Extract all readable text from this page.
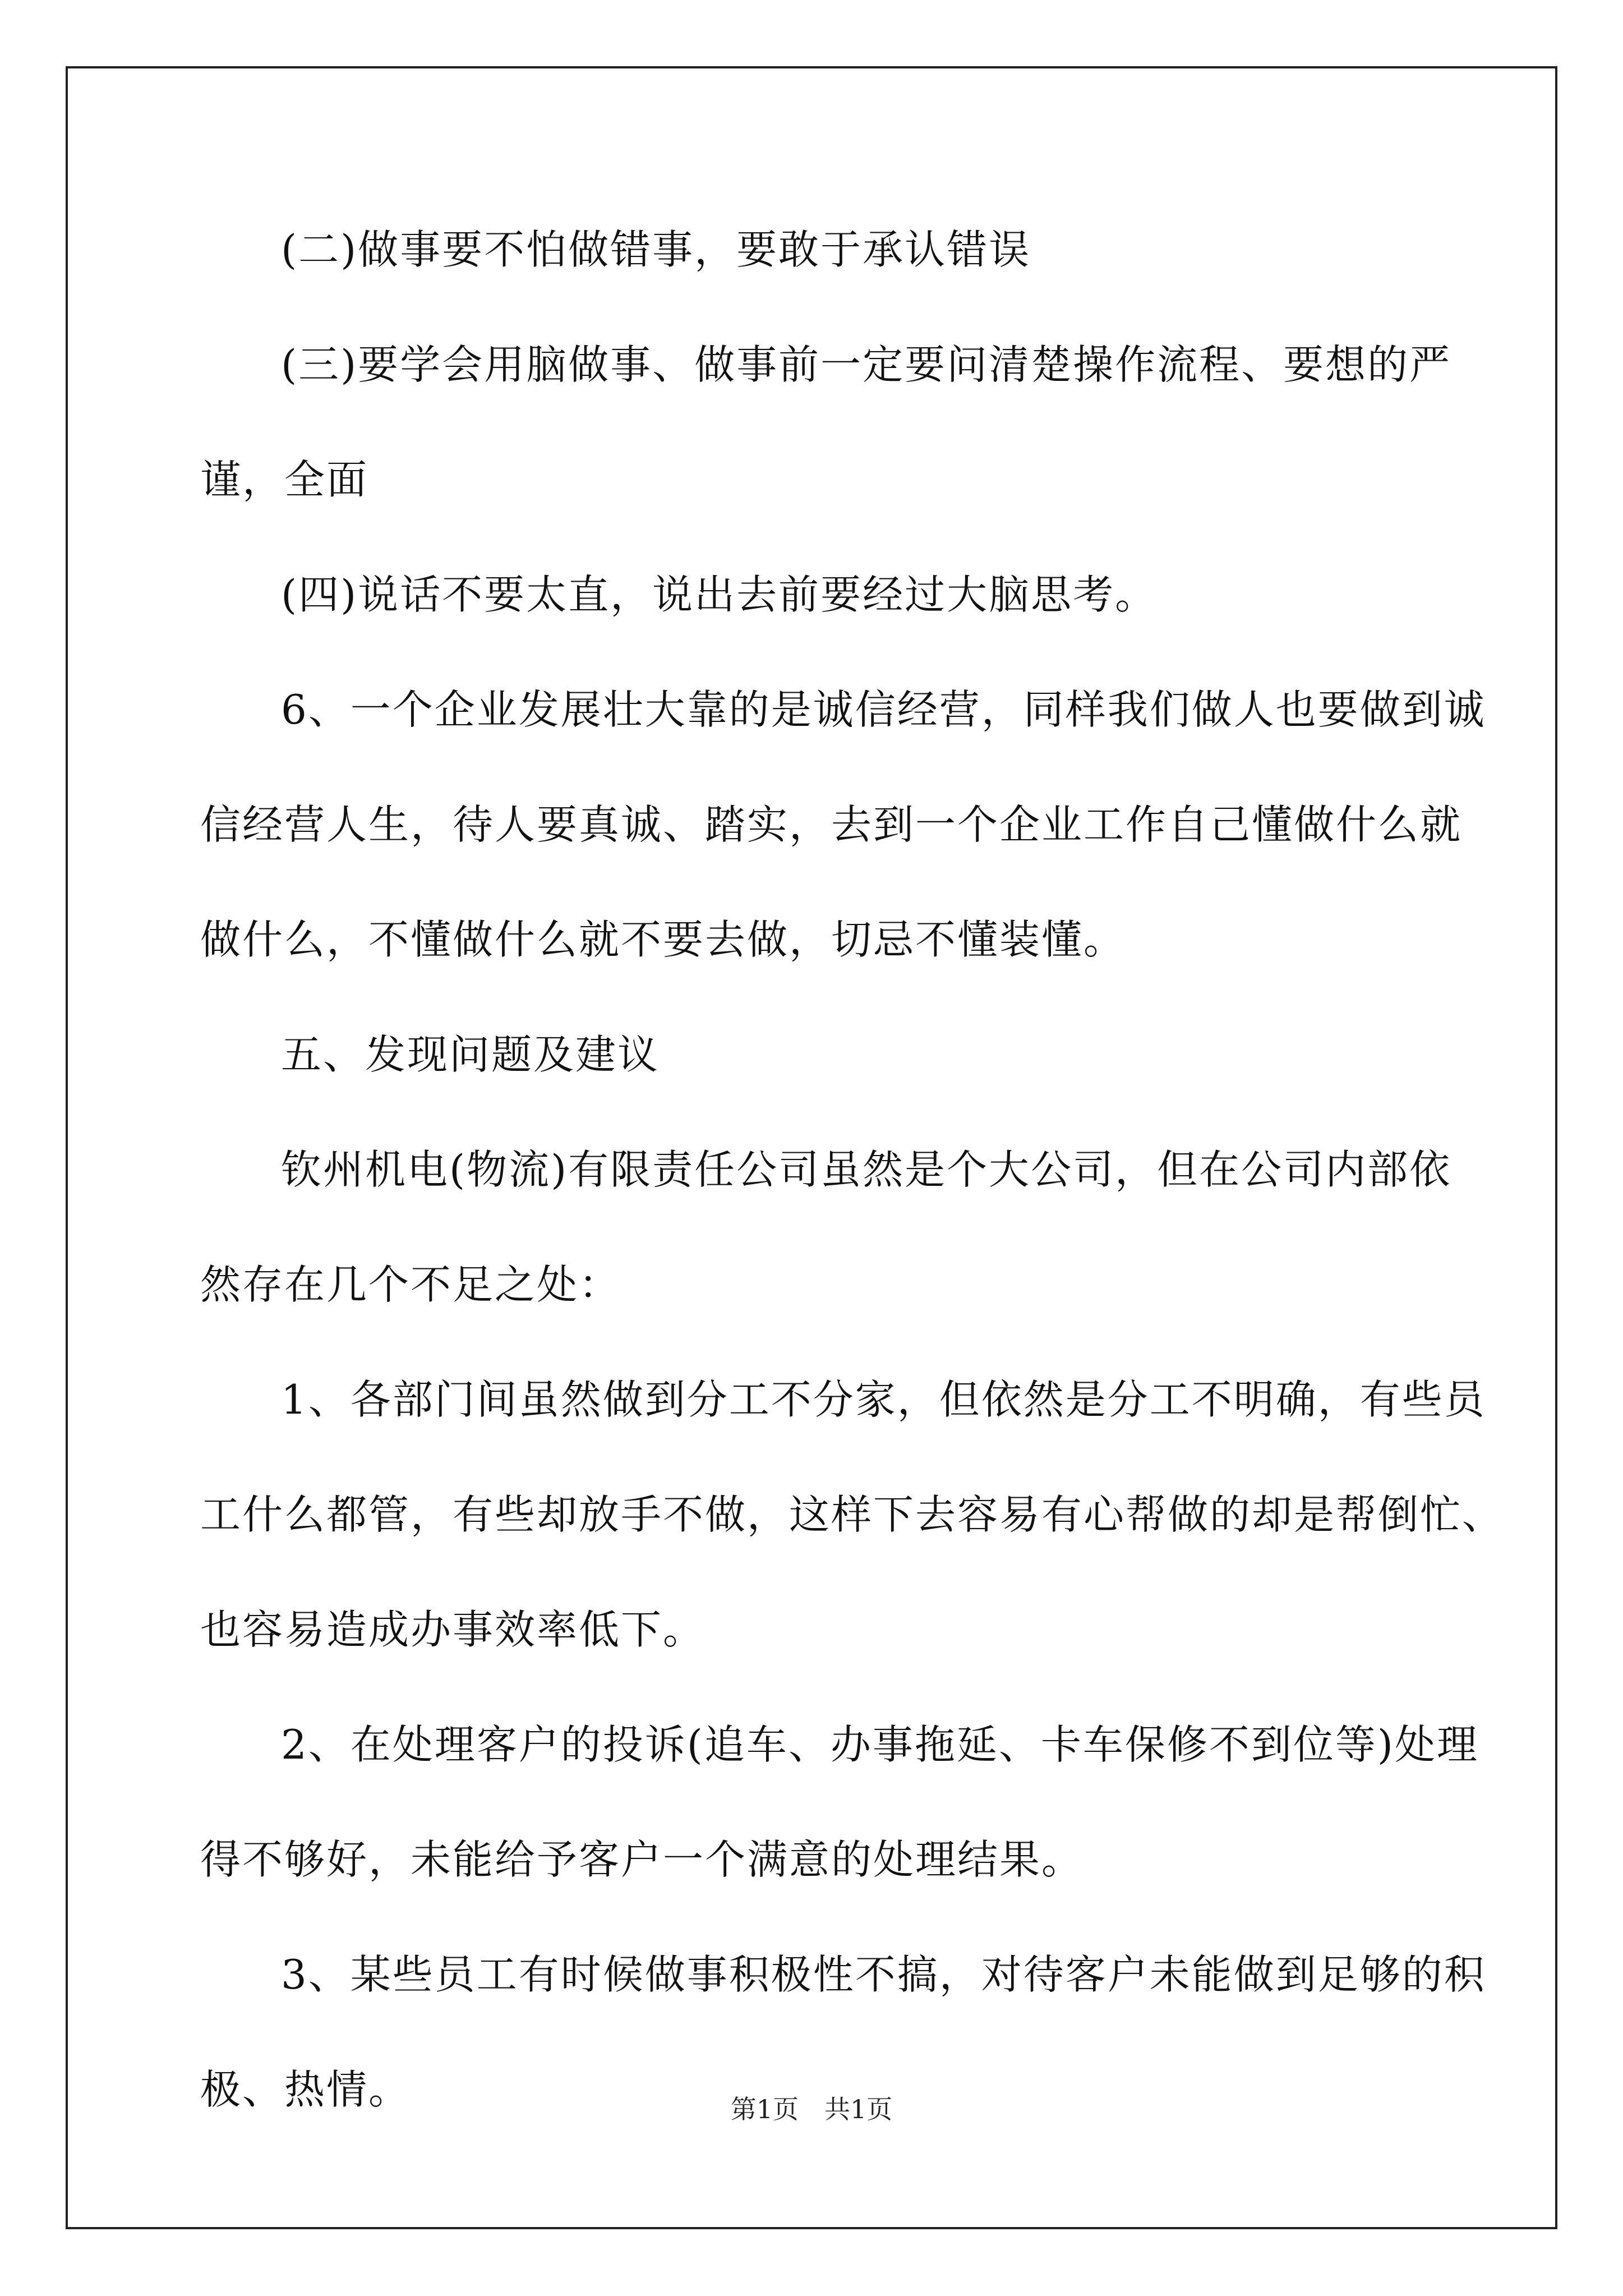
(二)做事要不怕做错事，要敢于承认错误
(三)要学会用脑做事、做事前一定要问清楚操作流程、要想的严
谨，全面
(四)说话不要太直，说出去前要经过大脑思考。
6、一个企业发展壮大靠的是诚信经营，同样我们做人也要做到诚
信经营人生，待人要真诚、踏实，去到一个企业工作自己懂做什么就
做什么，不懂做什么就不要去做，切忌不懂装懂。
五、发现问题及建议
钦州机电(物流)有限责任公司虽然是个大公司，但在公司内部依
然存在几个不足之处：
1、各部门间虽然做到分工不分家，但依然是分工不明确，有些员
工什么都管，有些却放手不做，这样下去容易有心帮做的却是帮倒忙、
也容易造成办事效率低下。
2、在处理客户的投诉(追车、办事拖延、卡车保修不到位等)处理
得不够好，未能给予客户一个满意的处理结果。
3、某些员工有时候做事积极性不搞，对待客户未能做到足够的积
极、热情。	第1页 共1页
